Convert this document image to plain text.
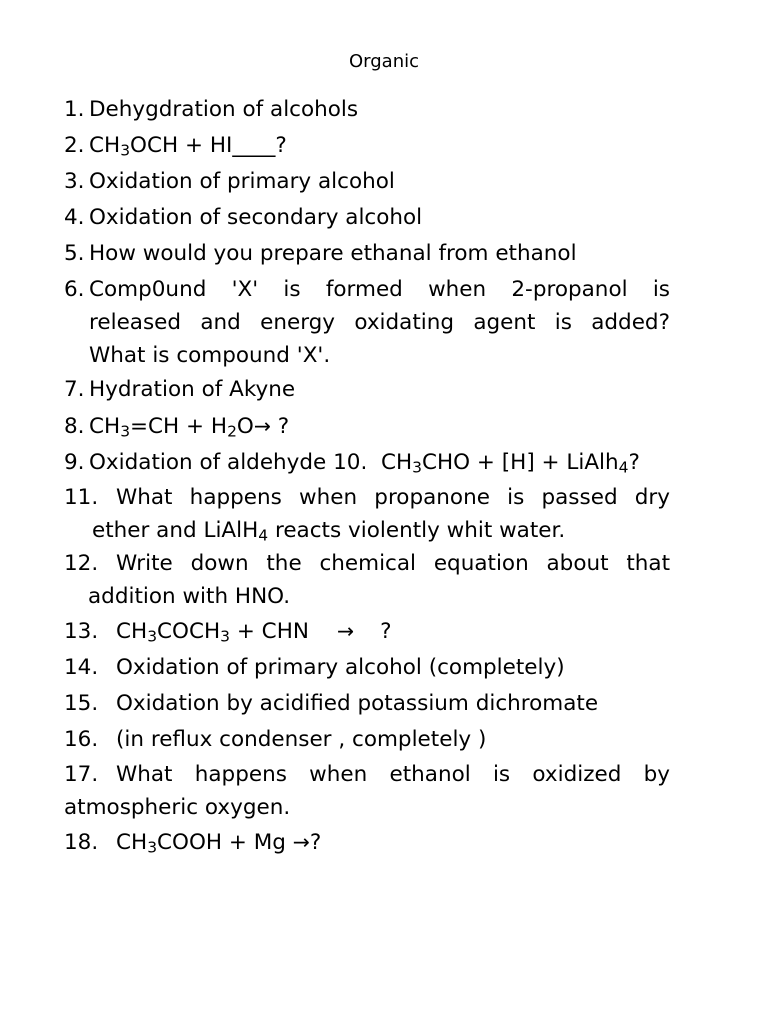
Organic
1. Dehygdration of alcohols
2. $CH_3OCH$ + HI____?
3. Oxidation of primary alcohol
4. Oxidation of secondary alcohol
5. How would you prepare ethanal from ethanol
6. Comp0und 'X' is formed when 2-propanol is
released and energy oxidating agent is added?
What is compound 'X'.
7. Hydration of Akyne
8. $CH_3=CH + H_2O\to$ ?
9. Oxidation of aldehyde 10.  $CH_3CHO + [H]$ + LiAlh$_4$?
11. What happens when propanone is passed dry
ether and LiAlH$_4$ reacts violently whit water.
12. Write down the chemical equation about that
addition with HNO.
13. $CH_3COCH_3$ + CHN → ?
14. Oxidation of primary alcohol (completely)
15. Oxidation by acidified potassium dichromate
16. (in reflux condenser , completely )
17. What happens when ethanol is oxidized by
atmospheric oxygen.
18. $CH_3COOH + Mg$ →?
